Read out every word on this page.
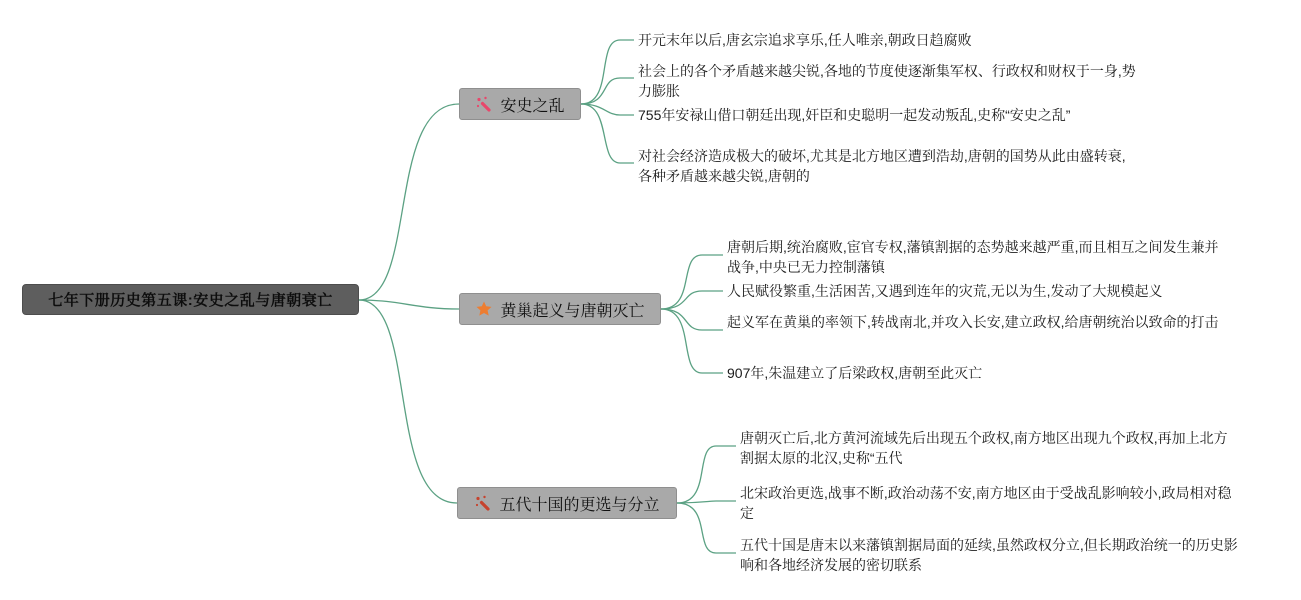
七年下册历史第五课:安史之乱与唐朝衰亡
安史之乱
黄巢起义与唐朝灭亡
五代十国的更选与分立
开元末年以后,唐玄宗追求享乐,任人唯亲,朝政日趋腐败
社会上的各个矛盾越来越尖锐,各地的节度使逐渐集军权、行政权和财权于一身,势力膨胀
755年安禄山借口朝廷出现,奸臣和史聪明一起发动叛乱,史称“安史之乱”
对社会经济造成极大的破坏,尤其是北方地区遭到浩劫,唐朝的国势从此由盛转衰,各种矛盾越来越尖锐,唐朝的
唐朝后期,统治腐败,宦官专权,藩镇割据的态势越来越严重,而且相互之间发生兼并战争,中央已无力控制藩镇
人民赋役繁重,生活困苦,又遇到连年的灾荒,无以为生,发动了大规模起义
起义军在黄巢的率领下,转战南北,并攻入长安,建立政权,给唐朝统治以致命的打击
907年,朱温建立了后梁政权,唐朝至此灭亡
唐朝灭亡后,北方黄河流域先后出现五个政权,南方地区出现九个政权,再加上北方割据太原的北汉,史称“五代
北宋政治更选,战事不断,政治动荡不安,南方地区由于受战乱影响较小,政局相对稳定
五代十国是唐末以来藩镇割据局面的延续,虽然政权分立,但长期政治统一的历史影响和各地经济发展的密切联系
